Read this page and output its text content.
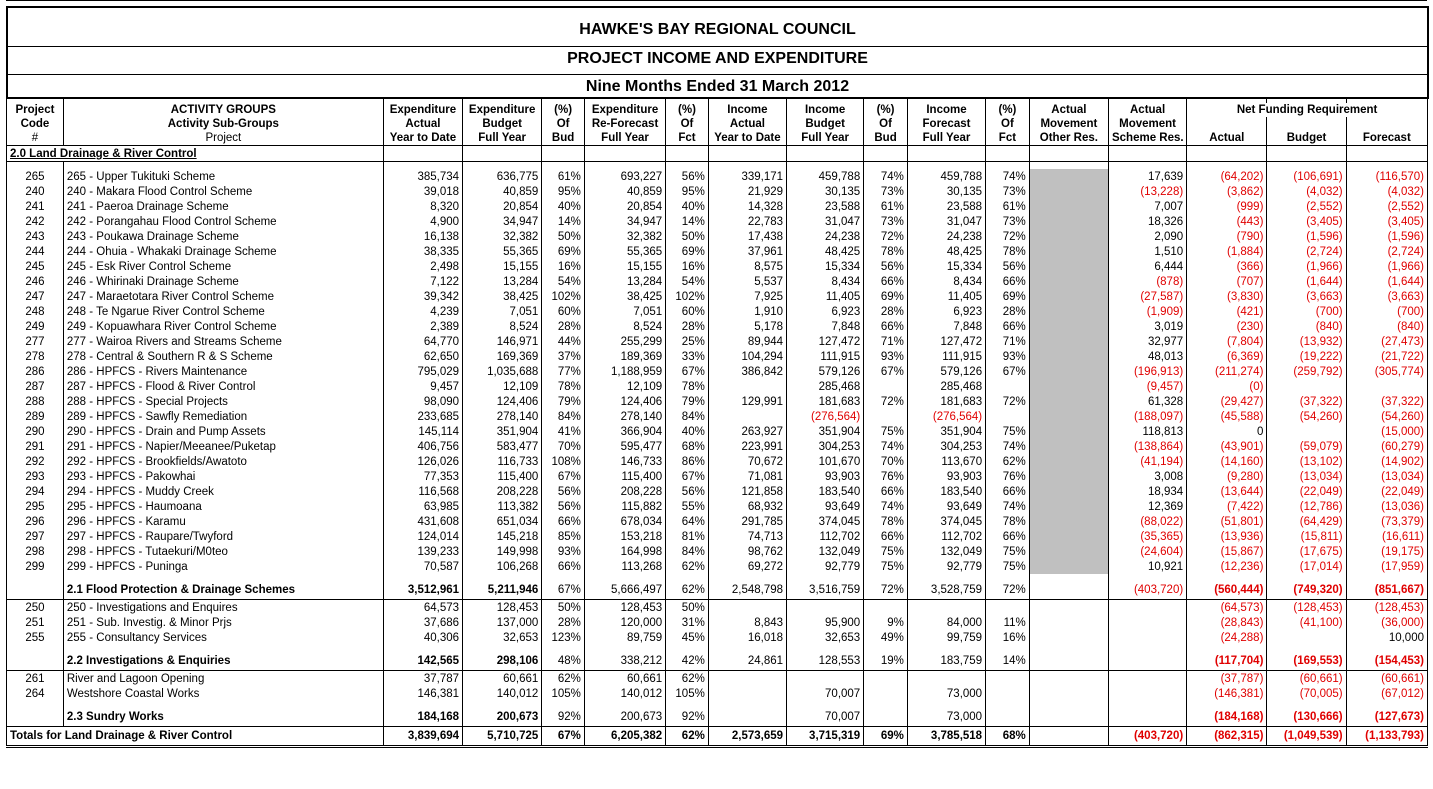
HAWKE'S BAY REGIONAL COUNCIL
PROJECT INCOME AND EXPENDITURE
Nine Months Ended 31 March 2012

Project	ACTIVITY GROUPS	Expenditure	Expenditure	(%)	Expenditure	(%)	Income	Income	(%)	Income	(%)	Actual	Actual	Net Funding Requirement		
Code	Activity Sub-Groups	Actual	Budget	Of	Re-Forecast	Of	Actual	Budget	Of	Forecast	Of	Movement	Movement			
#	Project	Year to Date	Full Year	Bud	Full Year	Fct	Year to Date	Full Year	Bud	Full Year	Fct	Other Res.	Scheme Res.	Actual	Budget	Forecast
2.0 Land Drainage & River Control																

265	265 - Upper Tukituki Scheme	385,734	636,775	61%	693,227	56%	339,171	459,788	74%	459,788	74%		17,639	(64,202)	(106,691)	(116,570)
240	240 - Makara Flood Control Scheme	39,018	40,859	95%	40,859	95%	21,929	30,135	73%	30,135	73%		(13,228)	(3,862)	(4,032)	(4,032)
241	241 - Paeroa Drainage Scheme	8,320	20,854	40%	20,854	40%	14,328	23,588	61%	23,588	61%		7,007	(999)	(2,552)	(2,552)
242	242 - Porangahau Flood Control Scheme	4,900	34,947	14%	34,947	14%	22,783	31,047	73%	31,047	73%		18,326	(443)	(3,405)	(3,405)
243	243 - Poukawa Drainage Scheme	16,138	32,382	50%	32,382	50%	17,438	24,238	72%	24,238	72%		2,090	(790)	(1,596)	(1,596)
244	244 - Ohuia - Whakaki Drainage Scheme	38,335	55,365	69%	55,365	69%	37,961	48,425	78%	48,425	78%		1,510	(1,884)	(2,724)	(2,724)
245	245 - Esk River Control Scheme	2,498	15,155	16%	15,155	16%	8,575	15,334	56%	15,334	56%		6,444	(366)	(1,966)	(1,966)
246	246 - Whirinaki Drainage Scheme	7,122	13,284	54%	13,284	54%	5,537	8,434	66%	8,434	66%		(878)	(707)	(1,644)	(1,644)
247	247 - Maraetotara River Control Scheme	39,342	38,425	102%	38,425	102%	7,925	11,405	69%	11,405	69%		(27,587)	(3,830)	(3,663)	(3,663)
248	248 - Te Ngarue River Control Scheme	4,239	7,051	60%	7,051	60%	1,910	6,923	28%	6,923	28%		(1,909)	(421)	(700)	(700)
249	249 - Kopuawhara River Control Scheme	2,389	8,524	28%	8,524	28%	5,178	7,848	66%	7,848	66%		3,019	(230)	(840)	(840)
277	277 - Wairoa Rivers and Streams Scheme	64,770	146,971	44%	255,299	25%	89,944	127,472	71%	127,472	71%		32,977	(7,804)	(13,932)	(27,473)
278	278 - Central & Southern R & S Scheme	62,650	169,369	37%	189,369	33%	104,294	111,915	93%	111,915	93%		48,013	(6,369)	(19,222)	(21,722)
286	286 - HPFCS - Rivers Maintenance	795,029	1,035,688	77%	1,188,959	67%	386,842	579,126	67%	579,126	67%		(196,913)	(211,274)	(259,792)	(305,774)
287	287 - HPFCS - Flood & River Control	9,457	12,109	78%	12,109	78%		285,468		285,468			(9,457)	(0)		
288	288 - HPFCS - Special Projects	98,090	124,406	79%	124,406	79%	129,991	181,683	72%	181,683	72%		61,328	(29,427)	(37,322)	(37,322)
289	289 - HPFCS - Sawfly Remediation	233,685	278,140	84%	278,140	84%		(276,564)		(276,564)			(188,097)	(45,588)	(54,260)	(54,260)
290	290 - HPFCS - Drain and Pump Assets	145,114	351,904	41%	366,904	40%	263,927	351,904	75%	351,904	75%		118,813	0		(15,000)
291	291 - HPFCS - Napier/Meeanee/Puketap	406,756	583,477	70%	595,477	68%	223,991	304,253	74%	304,253	74%		(138,864)	(43,901)	(59,079)	(60,279)
292	292 - HPFCS - Brookfields/Awatoto	126,026	116,733	108%	146,733	86%	70,672	101,670	70%	113,670	62%		(41,194)	(14,160)	(13,102)	(14,902)
293	293 - HPFCS - Pakowhai	77,353	115,400	67%	115,400	67%	71,081	93,903	76%	93,903	76%		3,008	(9,280)	(13,034)	(13,034)
294	294 - HPFCS - Muddy Creek	116,568	208,228	56%	208,228	56%	121,858	183,540	66%	183,540	66%		18,934	(13,644)	(22,049)	(22,049)
295	295 - HPFCS - Haumoana	63,985	113,382	56%	115,882	55%	68,932	93,649	74%	93,649	74%		12,369	(7,422)	(12,786)	(13,036)
296	296 - HPFCS - Karamu	431,608	651,034	66%	678,034	64%	291,785	374,045	78%	374,045	78%		(88,022)	(51,801)	(64,429)	(73,379)
297	297 - HPFCS - Raupare/Twyford	124,014	145,218	85%	153,218	81%	74,713	112,702	66%	112,702	66%		(35,365)	(13,936)	(15,811)	(16,611)
298	298 - HPFCS - Tutaekuri/M0teo	139,233	149,998	93%	164,998	84%	98,762	132,049	75%	132,049	75%		(24,604)	(15,867)	(17,675)	(19,175)
299	299 - HPFCS - Puninga	70,587	106,268	66%	113,268	62%	69,272	92,779	75%	92,779	75%		10,921	(12,236)	(17,014)	(17,959)

	2.1 Flood Protection & Drainage Schemes	3,512,961	5,211,946	67%	5,666,497	62%	2,548,798	3,516,759	72%	3,528,759	72%		(403,720)	(560,444)	(749,320)	(851,667)
250	250 - Investigations and Enquires	64,573	128,453	50%	128,453	50%								(64,573)	(128,453)	(128,453)
251	251 - Sub. Investig. & Minor Prjs	37,686	137,000	28%	120,000	31%	8,843	95,900	9%	84,000	11%			(28,843)	(41,100)	(36,000)
255	255 - Consultancy Services	40,306	32,653	123%	89,759	45%	16,018	32,653	49%	99,759	16%			(24,288)		10,000

	2.2 Investigations & Enquiries	142,565	298,106	48%	338,212	42%	24,861	128,553	19%	183,759	14%			(117,704)	(169,553)	(154,453)
261	River and Lagoon Opening	37,787	60,661	62%	60,661	62%								(37,787)	(60,661)	(60,661)
264	Westshore Coastal Works	146,381	140,012	105%	140,012	105%		70,007		73,000				(146,381)	(70,005)	(67,012)

	2.3 Sundry Works	184,168	200,673	92%	200,673	92%		70,007		73,000				(184,168)	(130,666)	(127,673)
Totals for Land Drainage & River Control		3,839,694	5,710,725	67%	6,205,382	62%	2,573,659	3,715,319	69%	3,785,518	68%		(403,720)	(862,315)	(1,049,539)	(1,133,793)
